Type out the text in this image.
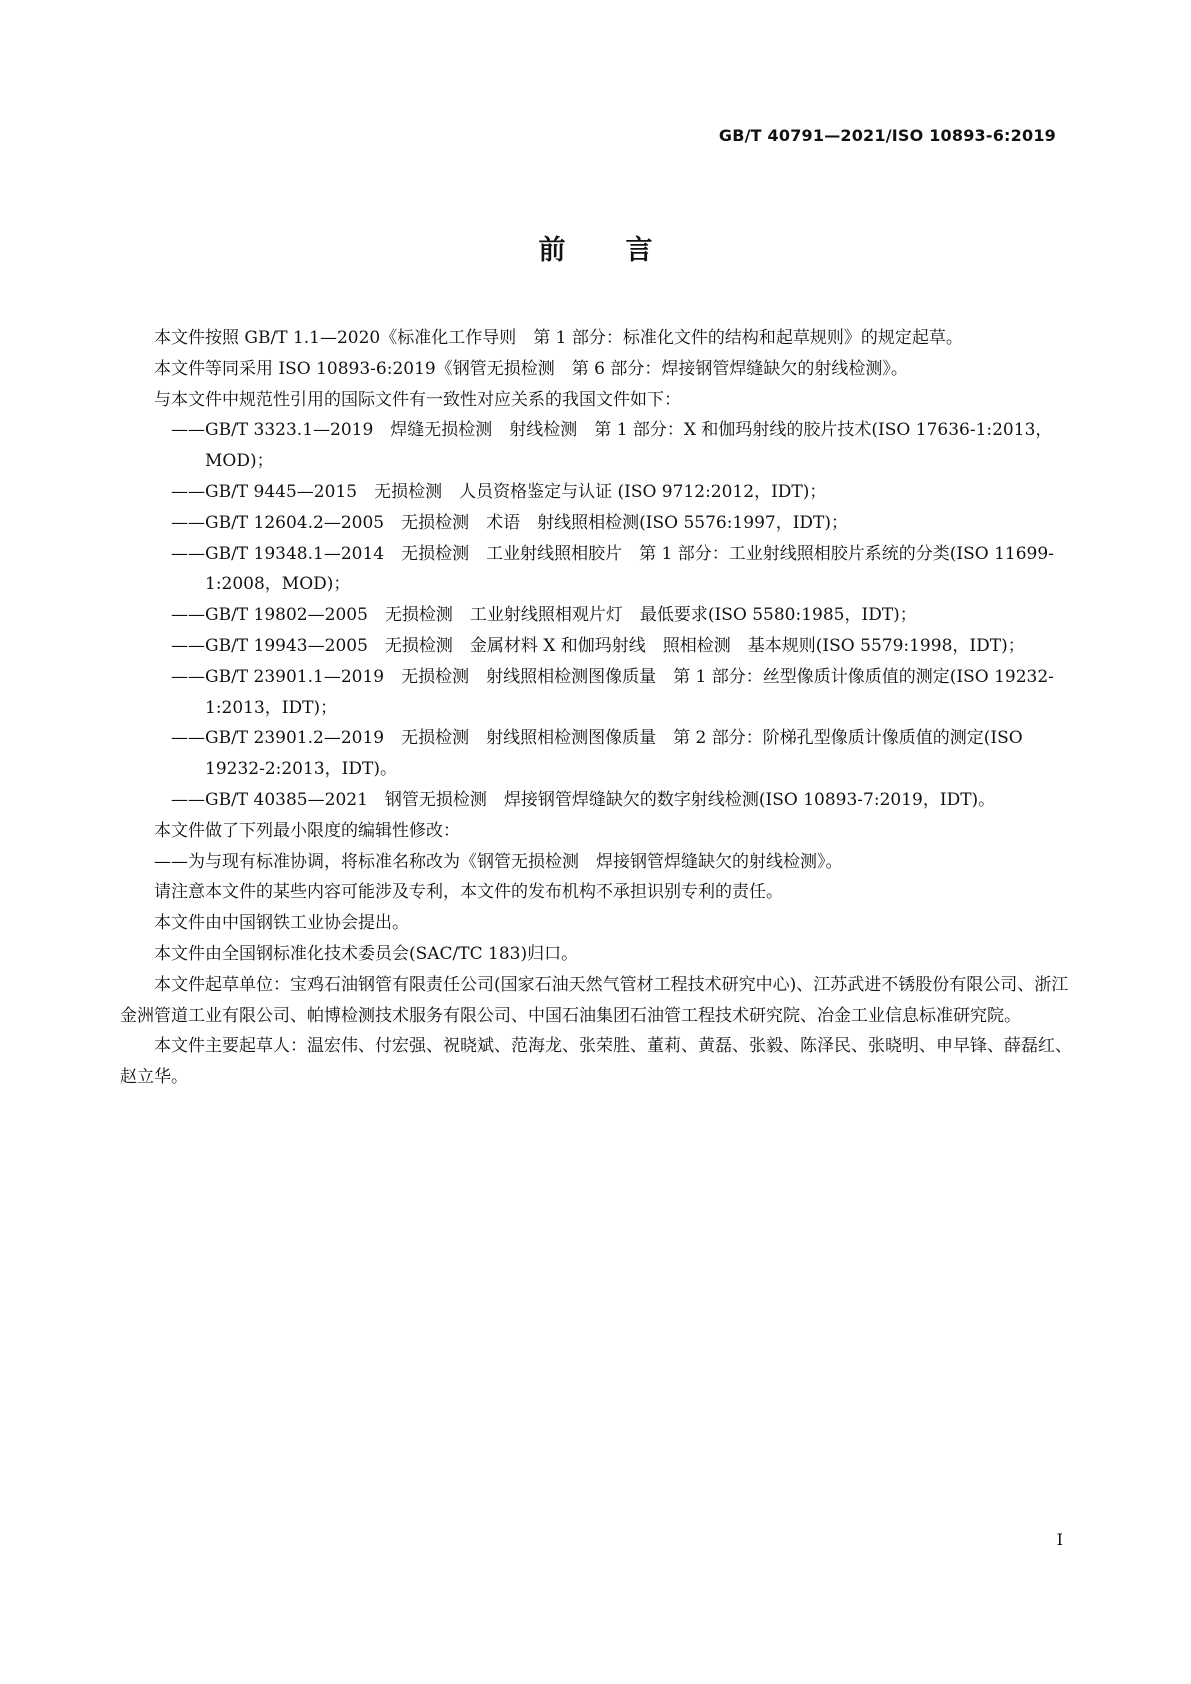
GB/T 40791—2021/ISO 10893-6:2019
前言

本文件按照 GB/T 1.1—2020《标准化工作导则　第 1 部分：标准化文件的结构和起草规则》的规定起草。

本文件等同采用 ISO 10893-6:2019《钢管无损检测　第 6 部分：焊接钢管焊缝缺欠的射线检测》。

与本文件中规范性引用的国际文件有一致性对应关系的我国文件如下：

——GB/T 3323.1—2019　焊缝无损检测　射线检测　第 1 部分：X 和伽玛射线的胶片技术(ISO 17636-1:2013，MOD)；

——GB/T 9445—2015　无损检测　人员资格鉴定与认证 (ISO 9712:2012，IDT)；

——GB/T 12604.2—2005　无损检测　术语　射线照相检测(ISO 5576:1997，IDT)；

——GB/T 19348.1—2014　无损检测　工业射线照相胶片　第 1 部分：工业射线照相胶片系统的分类(ISO 11699-1:2008，MOD)；

——GB/T 19802—2005　无损检测　工业射线照相观片灯　最低要求(ISO 5580:1985，IDT)；

——GB/T 19943—2005　无损检测　金属材料 X 和伽玛射线　照相检测　基本规则(ISO 5579:1998，IDT)；

——GB/T 23901.1—2019　无损检测　射线照相检测图像质量　第 1 部分：丝型像质计像质值的测定(ISO 19232-1:2013，IDT)；

——GB/T 23901.2—2019　无损检测　射线照相检测图像质量　第 2 部分：阶梯孔型像质计像质值的测定(ISO 19232-2:2013，IDT)。

——GB/T 40385—2021　钢管无损检测　焊接钢管焊缝缺欠的数字射线检测(ISO 10893-7:2019，IDT)。

本文件做了下列最小限度的编辑性修改：

——为与现有标准协调，将标准名称改为《钢管无损检测　焊接钢管焊缝缺欠的射线检测》。

请注意本文件的某些内容可能涉及专利，本文件的发布机构不承担识别专利的责任。

本文件由中国钢铁工业协会提出。

本文件由全国钢标准化技术委员会(SAC/TC 183)归口。

本文件起草单位：宝鸡石油钢管有限责任公司(国家石油天然气管材工程技术研究中心)、江苏武进不锈股份有限公司、浙江金洲管道工业有限公司、帕博检测技术服务有限公司、中国石油集团石油管工程技术研究院、冶金工业信息标准研究院。

本文件主要起草人：温宏伟、付宏强、祝晓斌、范海龙、张荣胜、董莉、黄磊、张毅、陈泽民、张晓明、申早锋、薛磊红、赵立华。

I
